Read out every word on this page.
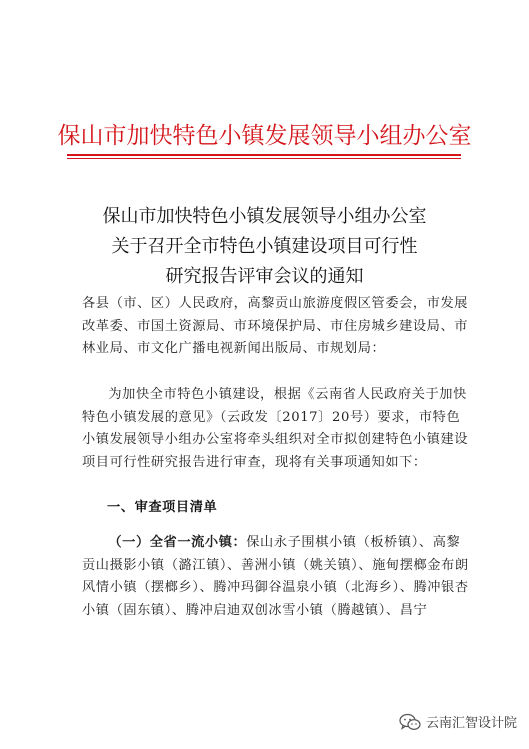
保山市加快特色小镇发展领导小组办公室
保山市加快特色小镇发展领导小组办公室
关于召开全市特色小镇建设项目可行性
研究报告评审会议的通知
各县（市、区）人民政府，高黎贡山旅游度假区管委会，市发展改革委、市国土资源局、市环境保护局、市住房城乡建设局、市林业局、市文化广播电视新闻出版局、市规划局：
为加快全市特色小镇建设，根据《云南省人民政府关于加快特色小镇发展的意见》（云政发〔2017〕20号）要求，市特色小镇发展领导小组办公室将牵头组织对全市拟创建特色小镇建设项目可行性研究报告进行审查，现将有关事项通知如下：
一、审查项目清单
（一）全省一流小镇：保山永子围棋小镇（板桥镇）、高黎贡山摄影小镇（潞江镇）、善洲小镇（姚关镇）、施甸摆榔金布朗风情小镇（摆榔乡）、腾冲玛御谷温泉小镇（北海乡）、腾冲银杏小镇（固东镇）、腾冲启迪双创冰雪小镇（腾越镇）、昌宁
云南汇智设计院
